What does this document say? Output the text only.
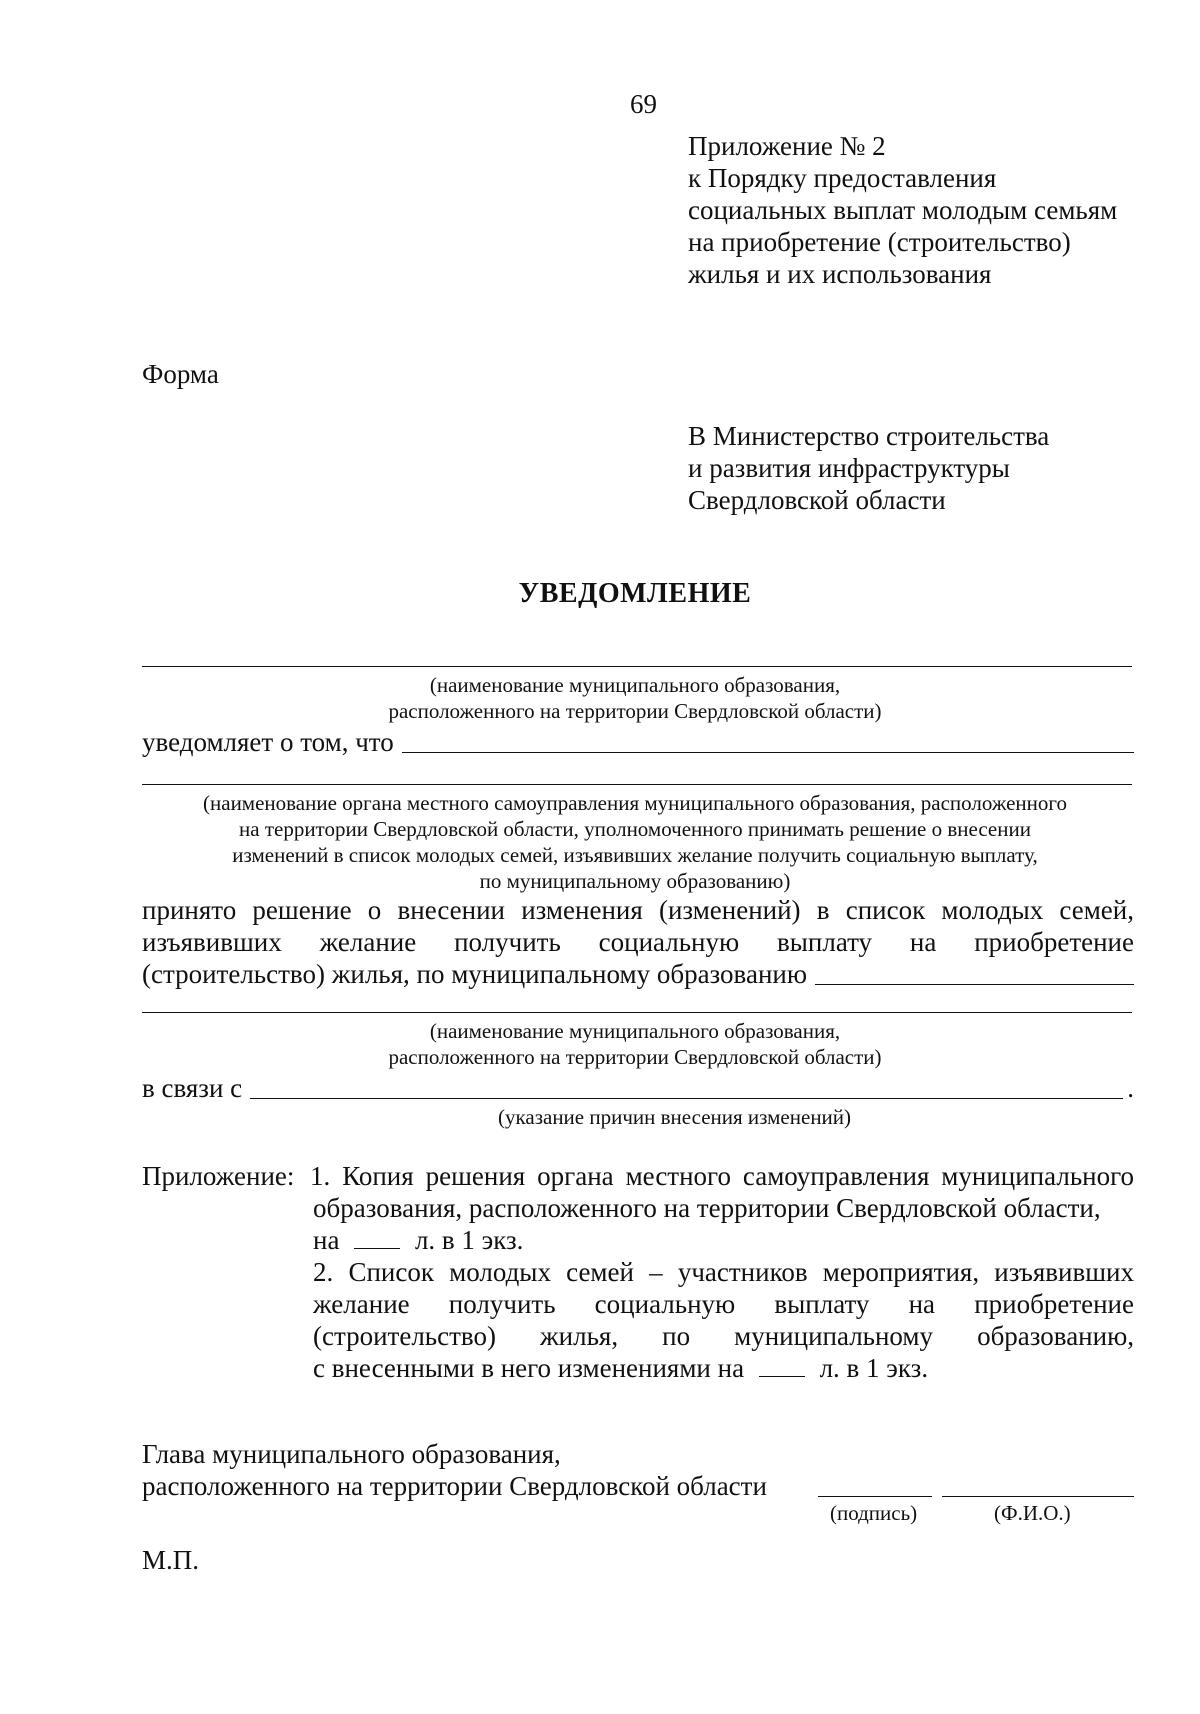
69
Приложение № 2
к Порядку предоставления
социальных выплат молодым семьям
на приобретение (строительство)
жилья и их использования
Форма
В Министерство строительства
и развития инфраструктуры
Свердловской области
УВЕДОМЛЕНИЕ
(наименование муниципального образования,
расположенного на территории Свердловской области)
уведомляет о том, что
(наименование органа местного самоуправления муниципального образования, расположенного
на территории Свердловской области, уполномоченного принимать решение о внесении
изменений в список молодых семей, изъявивших желание получить социальную выплату,
по муниципальному образованию)
принято решение о внесении изменения (изменений) в список молодых семей,
изъявивших желание получить социальную выплату на приобретение
(строительство) жилья, по муниципальному образованию
(наименование муниципального образования,
расположенного на территории Свердловской области)
в связи с	.
(указание причин внесения изменений)
Приложение: 1. Копия решения органа местного самоуправления муниципального
образования, расположенного на территории Свердловской области,
на	л. в 1 экз.
2. Список молодых семей – участников мероприятия, изъявивших
желание получить социальную выплату на приобретение
(строительство) жилья, по муниципальному образованию,
с внесенными в него изменениями на	л. в 1 экз.
Глава муниципального образования,
расположенного на территории Свердловской области
(подпись)	(Ф.И.О.)
М.П.
